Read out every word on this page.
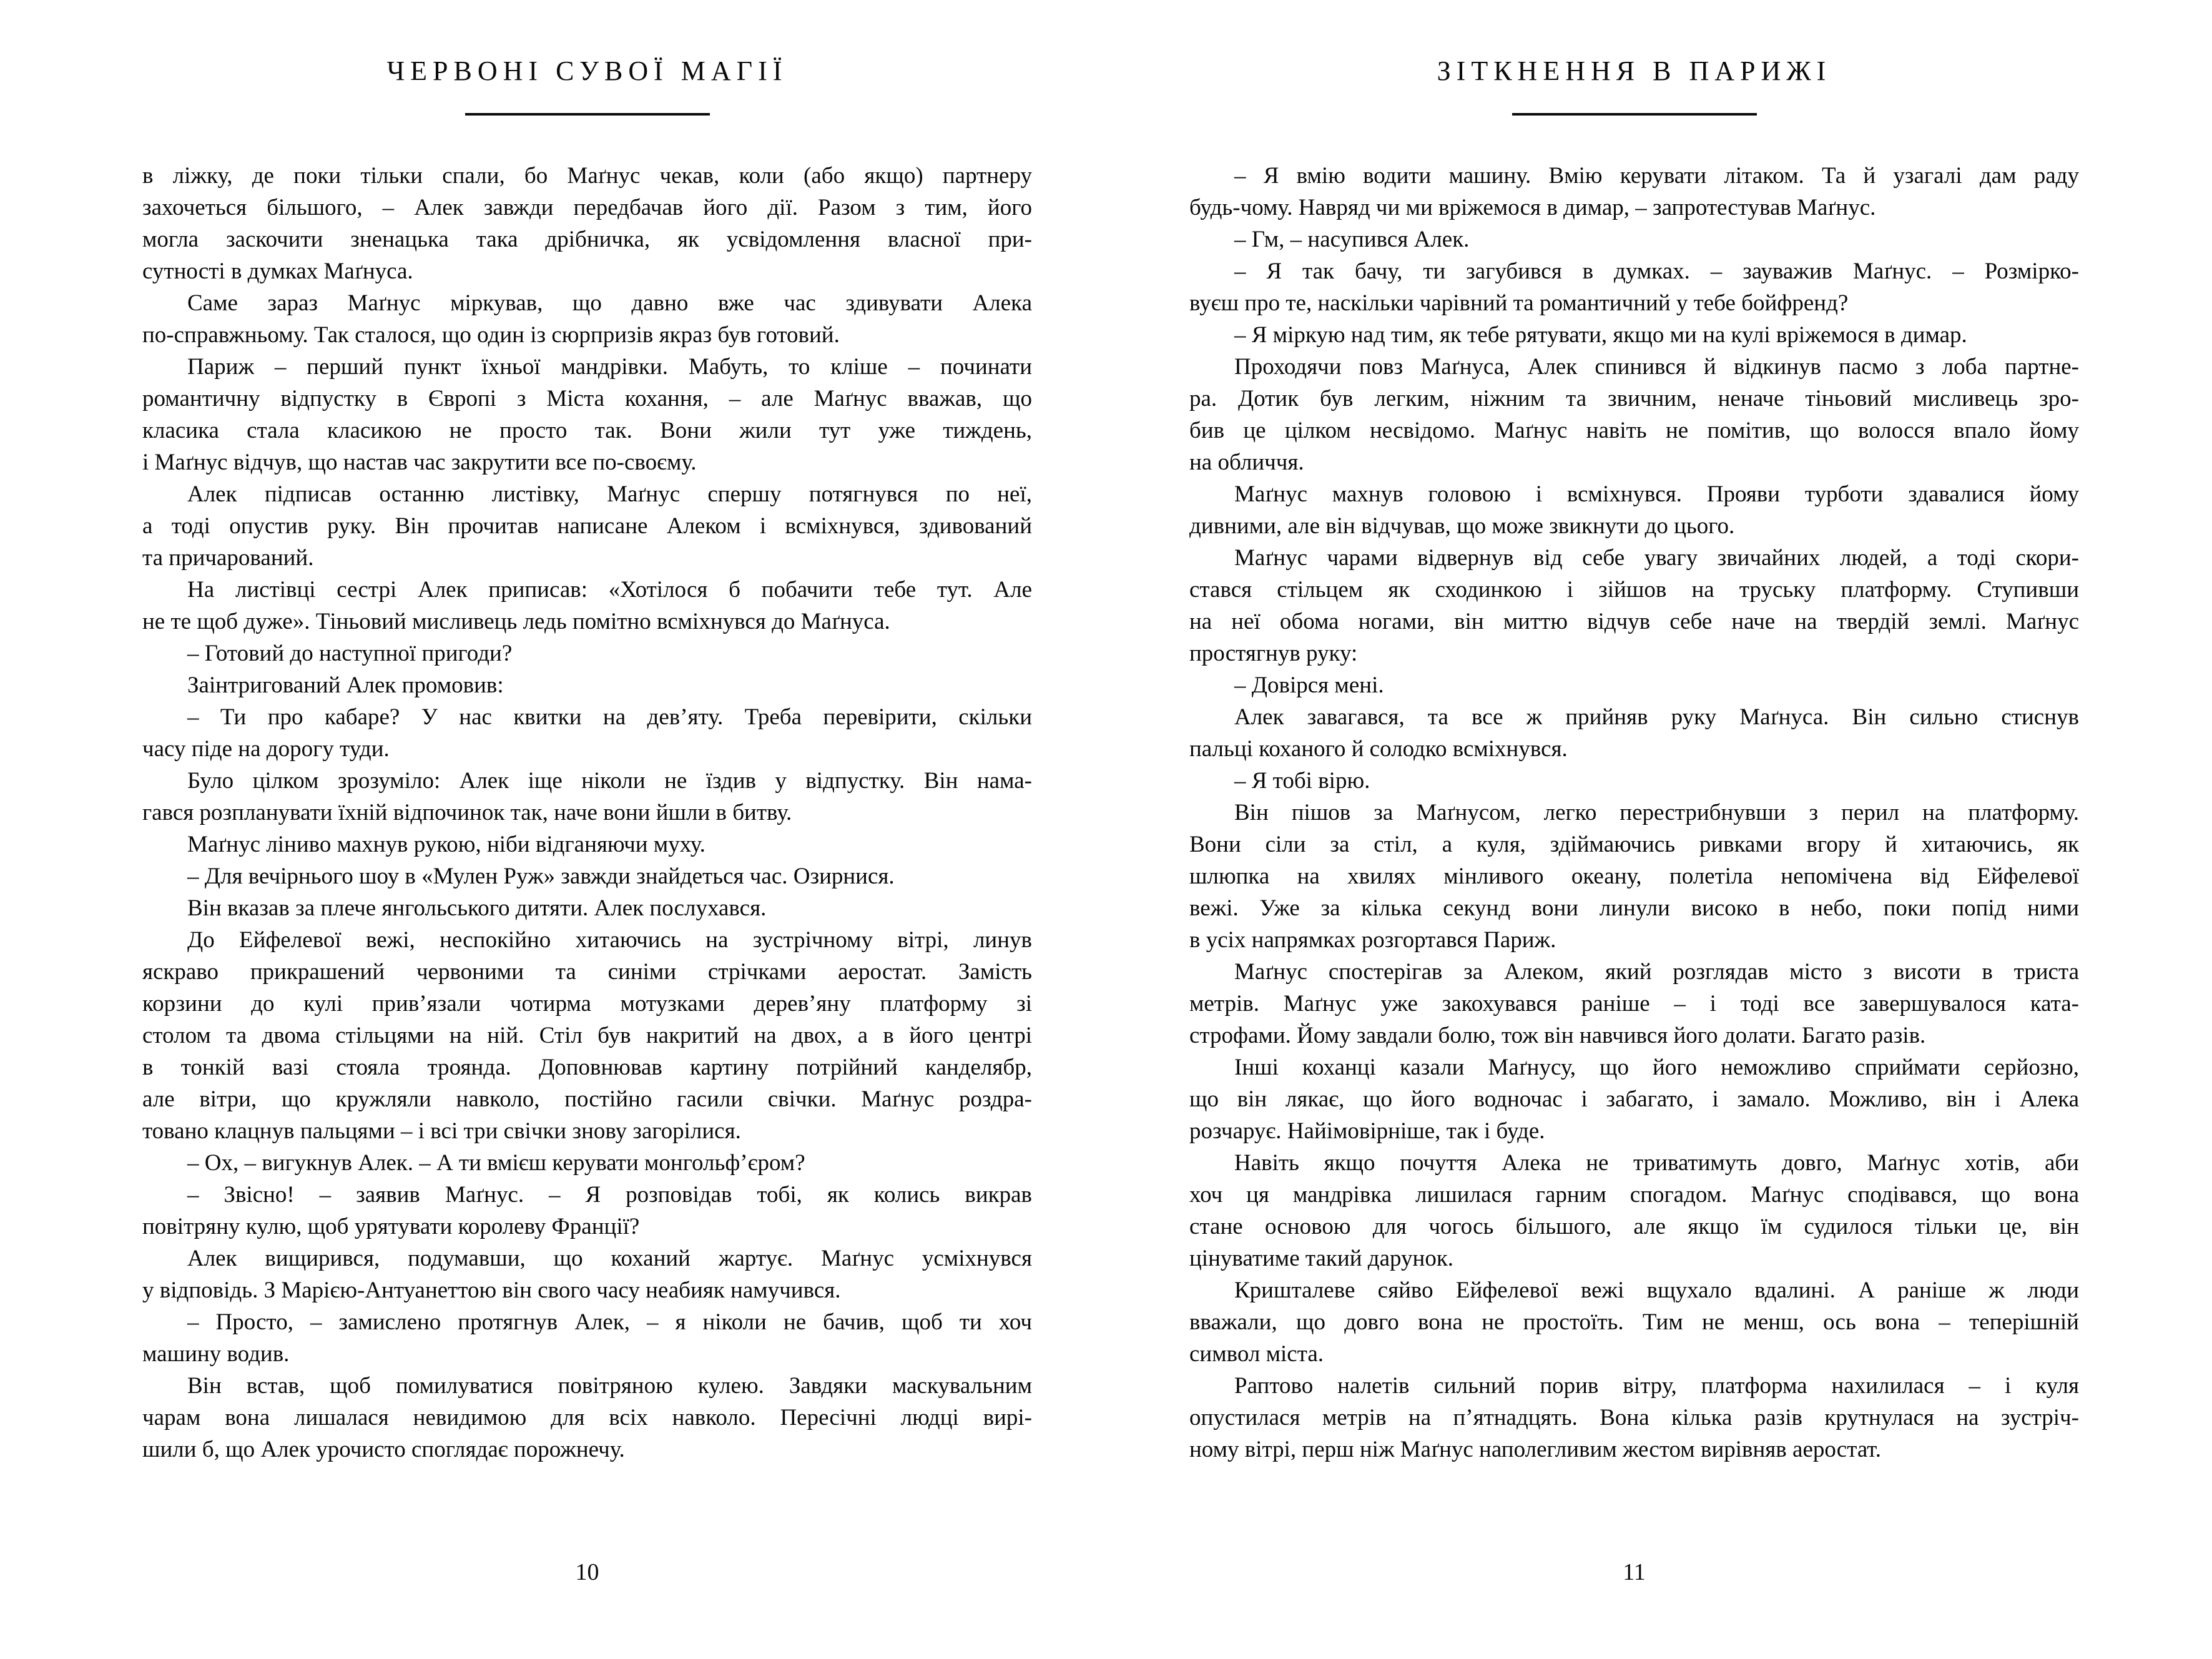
ЧЕРВОНІ СУВОЇ МАГІЇ
в ліжку, де поки тільки спали, бо Маґнус чекав, коли (або якщо) партнеру
захочеться більшого, – Алек завжди передбачав його дії. Разом з тим, його
могла заскочити зненацька така дрібничка, як усвідомлення власної при-
сутності в думках Маґнуса.
Саме зараз Маґнус міркував, що давно вже час здивувати Алека
по-справжньому. Так сталося, що один із сюрпризів якраз був готовий.
Париж – перший пункт їхньої мандрівки. Мабуть, то кліше – починати
романтичну відпустку в Європі з Міста кохання, – але Маґнус вважав, що
класика стала класикою не просто так. Вони жили тут уже тиждень,
і Маґнус відчув, що настав час закрутити все по-своєму.
Алек підписав останню листівку, Маґнус спершу потягнувся по неї,
а тоді опустив руку. Він прочитав написане Алеком і всміхнувся, здивований
та причарований.
На листівці сестрі Алек приписав: «Хотілося б побачити тебе тут. Але
не те щоб дуже». Тіньовий мисливець ледь помітно всміхнувся до Маґнуса.
– Готовий до наступної пригоди?
Заінтригований Алек промовив:
– Ти про кабаре? У нас квитки на дев’яту. Треба перевірити, скільки
часу піде на дорогу туди.
Було цілком зрозуміло: Алек іще ніколи не їздив у відпустку. Він нама-
гався розпланувати їхній відпочинок так, наче вони йшли в битву.
Маґнус ліниво махнув рукою, ніби відганяючи муху.
– Для вечірнього шоу в «Мулен Руж» завжди знайдеться час. Озирнися.
Він вказав за плече янгольського дитяти. Алек послухався.
До Ейфелевої вежі, неспокійно хитаючись на зустрічному вітрі, линув
яскраво прикрашений червоними та синіми стрічками аеростат. Замість
корзини до кулі прив’язали чотирма мотузками дерев’яну платформу зі
столом та двома стільцями на ній. Стіл був накритий на двох, а в його центрі
в тонкій вазі стояла троянда. Доповнював картину потрійний канделябр,
але вітри, що кружляли навколо, постійно гасили свічки. Маґнус роздра-
товано клацнув пальцями – і всі три свічки знову загорілися.
– Ох, – вигукнув Алек. – А ти вмієш керувати монгольф’єром?
– Звісно! – заявив Маґнус. – Я розповідав тобі, як колись викрав
повітряну кулю, щоб урятувати королеву Франції?
Алек вищирився, подумавши, що коханий жартує. Маґнус усміхнувся
у відповідь. З Марією-Антуанеттою він свого часу неабияк намучився.
– Просто, – замислено протягнув Алек, – я ніколи не бачив, щоб ти хоч
машину водив.
Він встав, щоб помилуватися повітряною кулею. Завдяки маскувальним
чарам вона лишалася невидимою для всіх навколо. Пересічні людці вирі-
шили б, що Алек урочисто споглядає порожнечу.
10
ЗІТКНЕННЯ В ПАРИЖІ
– Я вмію водити машину. Вмію керувати літаком. Та й узагалі дам раду
будь-чому. Навряд чи ми вріжемося в димар, – запротестував Маґнус.
– Гм, – насупився Алек.
– Я так бачу, ти загубився в думках. – зауважив Маґнус. – Розмірко-
вуєш про те, наскільки чарівний та романтичний у тебе бойфренд?
– Я міркую над тим, як тебе рятувати, якщо ми на кулі вріжемося в димар.
Проходячи повз Маґнуса, Алек спинився й відкинув пасмо з лоба партне-
ра. Дотик був легким, ніжним та звичним, неначе тіньовий мисливець зро-
бив це цілком несвідомо. Маґнус навіть не помітив, що волосся впало йому
на обличчя.
Маґнус махнув головою і всміхнувся. Прояви турботи здавалися йому
дивними, але він відчував, що може звикнути до цього.
Маґнус чарами відвернув від себе увагу звичайних людей, а тоді скори-
стався стільцем як сходинкою і зійшов на труську платформу. Ступивши
на неї обома ногами, він миттю відчув себе наче на твердій землі. Маґнус
простягнув руку:
– Довірся мені.
Алек завагався, та все ж прийняв руку Маґнуса. Він сильно стиснув
пальці коханого й солодко всміхнувся.
– Я тобі вірю.
Він пішов за Маґнусом, легко перестрибнувши з перил на платформу.
Вони сіли за стіл, а куля, здіймаючись ривками вгору й хитаючись, як
шлюпка на хвилях мінливого океану, полетіла непомічена від Ейфелевої
вежі. Уже за кілька секунд вони линули високо в небо, поки попід ними
в усіх напрямках розгортався Париж.
Маґнус спостерігав за Алеком, який розглядав місто з висоти в триста
метрів. Маґнус уже закохувався раніше – і тоді все завершувалося ката-
строфами. Йому завдали болю, тож він навчився його долати. Багато разів.
Інші коханці казали Маґнусу, що його неможливо сприймати серйозно,
що він лякає, що його водночас і забагато, і замало. Можливо, він і Алека
розчарує. Найімовірніше, так і буде.
Навіть якщо почуття Алека не триватимуть довго, Маґнус хотів, аби
хоч ця мандрівка лишилася гарним спогадом. Маґнус сподівався, що вона
стане основою для чогось більшого, але якщо їм судилося тільки це, він
цінуватиме такий дарунок.
Кришталеве сяйво Ейфелевої вежі вщухало вдалині. А раніше ж люди
вважали, що довго вона не простоїть. Тим не менш, ось вона – теперішній
символ міста.
Раптово налетів сильний порив вітру, платформа нахилилася – і куля
опустилася метрів на п’ятнадцять. Вона кілька разів крутнулася на зустріч-
ному вітрі, перш ніж Маґнус наполегливим жестом вирівняв аеростат.
11
